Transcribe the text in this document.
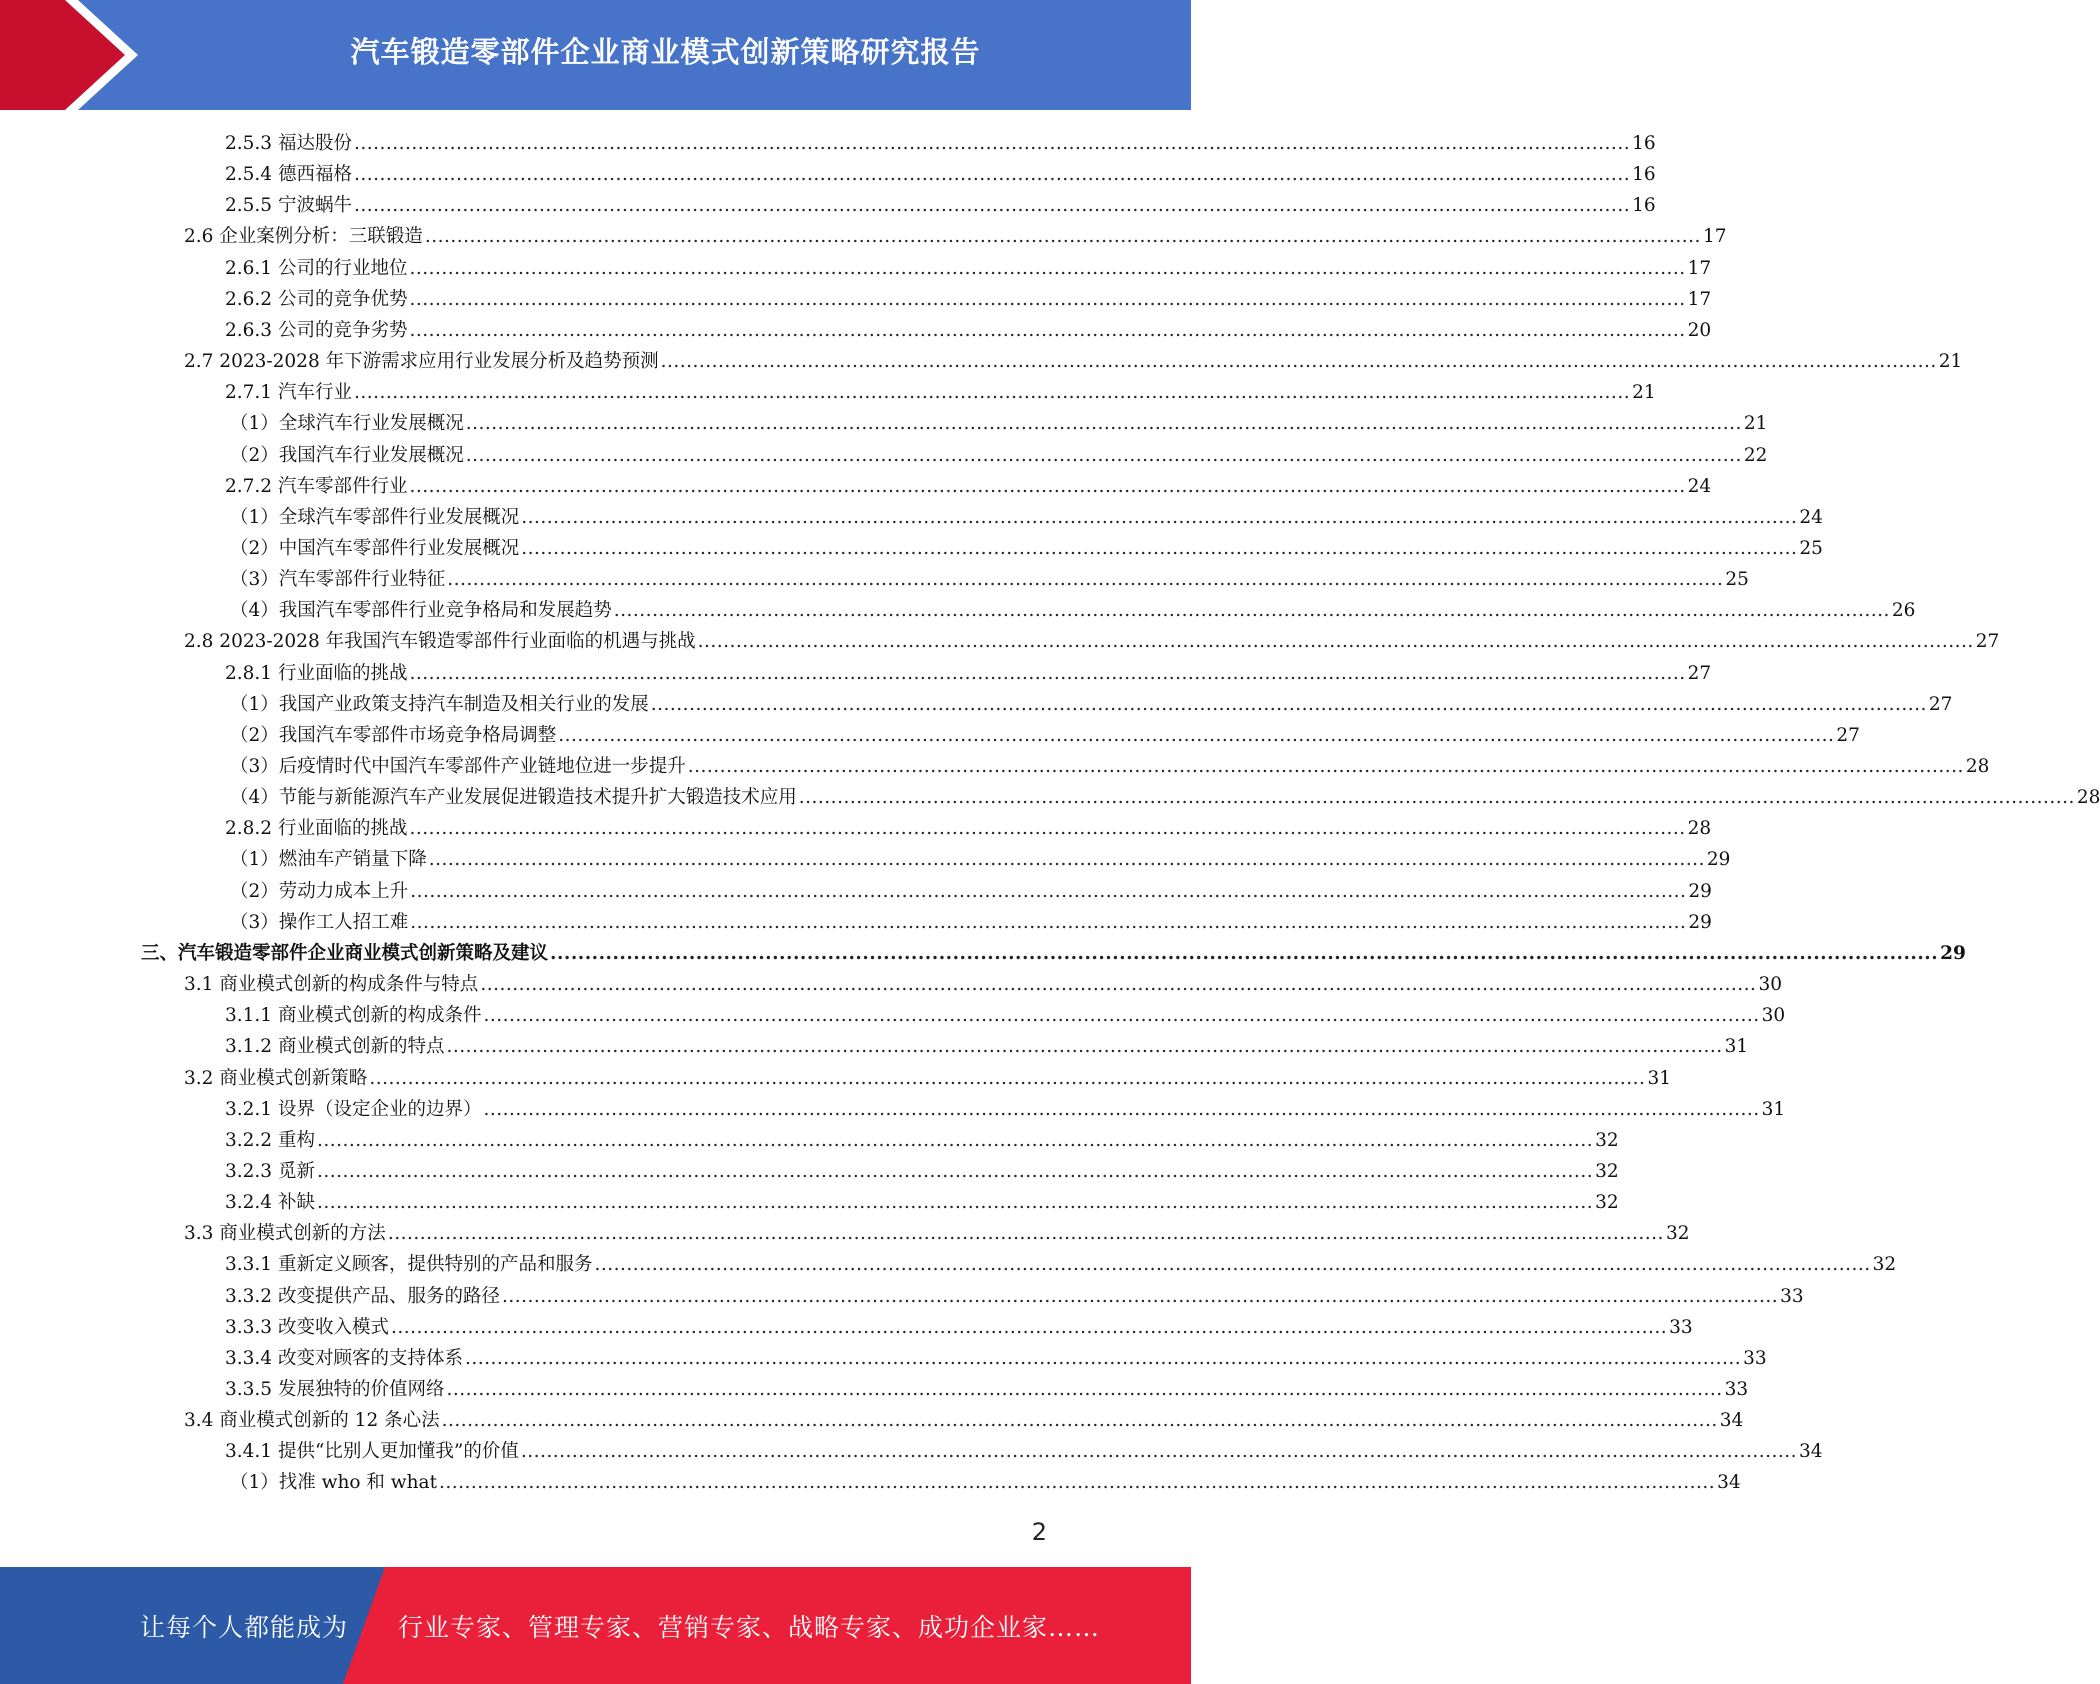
汽车锻造零部件企业商业模式创新策略研究报告
2.5.3 福达股份 ........................................................................................................................................................................................................ 16
2.5.4 德西福格 ........................................................................................................................................................................................................ 16
2.5.5 宁波蜗牛 ........................................................................................................................................................................................................ 16
2.6 企业案例分析：三联锻造 ........................................................................................................................................................................................................ 17
2.6.1 公司的行业地位 ........................................................................................................................................................................................................ 17
2.6.2 公司的竞争优势 ........................................................................................................................................................................................................ 17
2.6.3 公司的竞争劣势 ........................................................................................................................................................................................................ 20
2.7 2023-2028 年下游需求应用行业发展分析及趋势预测 ........................................................................................................................................................................................................ 21
2.7.1 汽车行业 ........................................................................................................................................................................................................ 21
（1）全球汽车行业发展概况 ........................................................................................................................................................................................................ 21
（2）我国汽车行业发展概况 ........................................................................................................................................................................................................ 22
2.7.2 汽车零部件行业 ........................................................................................................................................................................................................ 24
（1）全球汽车零部件行业发展概况 ........................................................................................................................................................................................................ 24
（2）中国汽车零部件行业发展概况 ........................................................................................................................................................................................................ 25
（3）汽车零部件行业特征 ........................................................................................................................................................................................................ 25
（4）我国汽车零部件行业竞争格局和发展趋势 ........................................................................................................................................................................................................ 26
2.8 2023-2028 年我国汽车锻造零部件行业面临的机遇与挑战 ........................................................................................................................................................................................................ 27
2.8.1 行业面临的挑战 ........................................................................................................................................................................................................ 27
（1）我国产业政策支持汽车制造及相关行业的发展 ........................................................................................................................................................................................................ 27
（2）我国汽车零部件市场竞争格局调整 ........................................................................................................................................................................................................ 27
（3）后疫情时代中国汽车零部件产业链地位进一步提升 ........................................................................................................................................................................................................ 28
（4）节能与新能源汽车产业发展促进锻造技术提升扩大锻造技术应用 ........................................................................................................................................................................................................ 28
2.8.2 行业面临的挑战 ........................................................................................................................................................................................................ 28
（1）燃油车产销量下降 ........................................................................................................................................................................................................ 29
（2）劳动力成本上升 ........................................................................................................................................................................................................ 29
（3）操作工人招工难 ........................................................................................................................................................................................................ 29
三、汽车锻造零部件企业商业模式创新策略及建议 ........................................................................................................................................................................................................ 29
3.1 商业模式创新的构成条件与特点 ........................................................................................................................................................................................................ 30
3.1.1 商业模式创新的构成条件 ........................................................................................................................................................................................................ 30
3.1.2 商业模式创新的特点 ........................................................................................................................................................................................................ 31
3.2 商业模式创新策略 ........................................................................................................................................................................................................ 31
3.2.1 设界（设定企业的边界） ........................................................................................................................................................................................................ 31
3.2.2 重构 ........................................................................................................................................................................................................ 32
3.2.3 觅新 ........................................................................................................................................................................................................ 32
3.2.4 补缺 ........................................................................................................................................................................................................ 32
3.3 商业模式创新的方法 ........................................................................................................................................................................................................ 32
3.3.1 重新定义顾客，提供特别的产品和服务 ........................................................................................................................................................................................................ 32
3.3.2 改变提供产品、服务的路径 ........................................................................................................................................................................................................ 33
3.3.3 改变收入模式 ........................................................................................................................................................................................................ 33
3.3.4 改变对顾客的支持体系 ........................................................................................................................................................................................................ 33
3.3.5 发展独特的价值网络 ........................................................................................................................................................................................................ 33
3.4 商业模式创新的 12 条心法 ........................................................................................................................................................................................................ 34
3.4.1 提供“比别人更加懂我”的价值 ........................................................................................................................................................................................................ 34
（1）找准 who 和 what ........................................................................................................................................................................................................ 34
2
让每个人都能成为 行业专家、管理专家、营销专家、战略专家、成功企业家……
